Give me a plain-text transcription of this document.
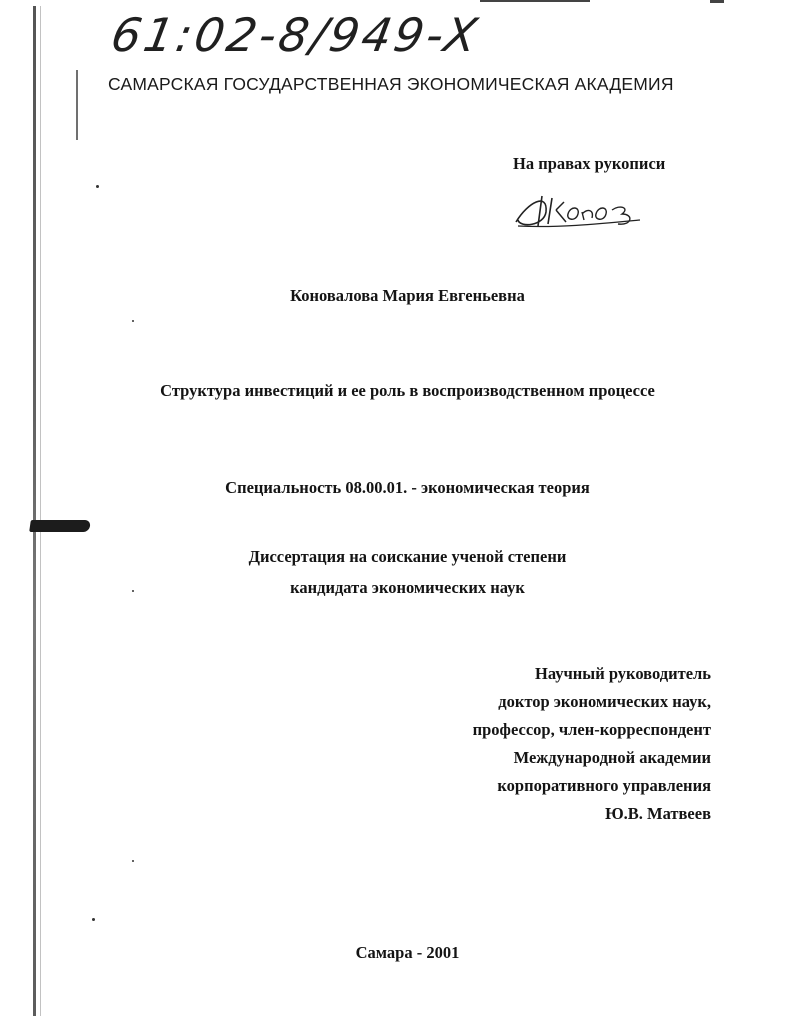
61:02-8/949-X
САМАРСКАЯ ГОСУДАРСТВЕННАЯ ЭКОНОМИЧЕСКАЯ АКАДЕМИЯ
На правах рукописи
Коновалова Мария Евгеньевна
Структура инвестиций и ее роль в воспроизводственном процессе
Специальность 08.00.01. - экономическая теория
Диссертация на соискание ученой степени
кандидата экономических наук
Научный руководитель
доктор экономических наук,
профессор, член-корреспондент
Международной академии
корпоративного управления
Ю.В. Матвеев
Самара - 2001
